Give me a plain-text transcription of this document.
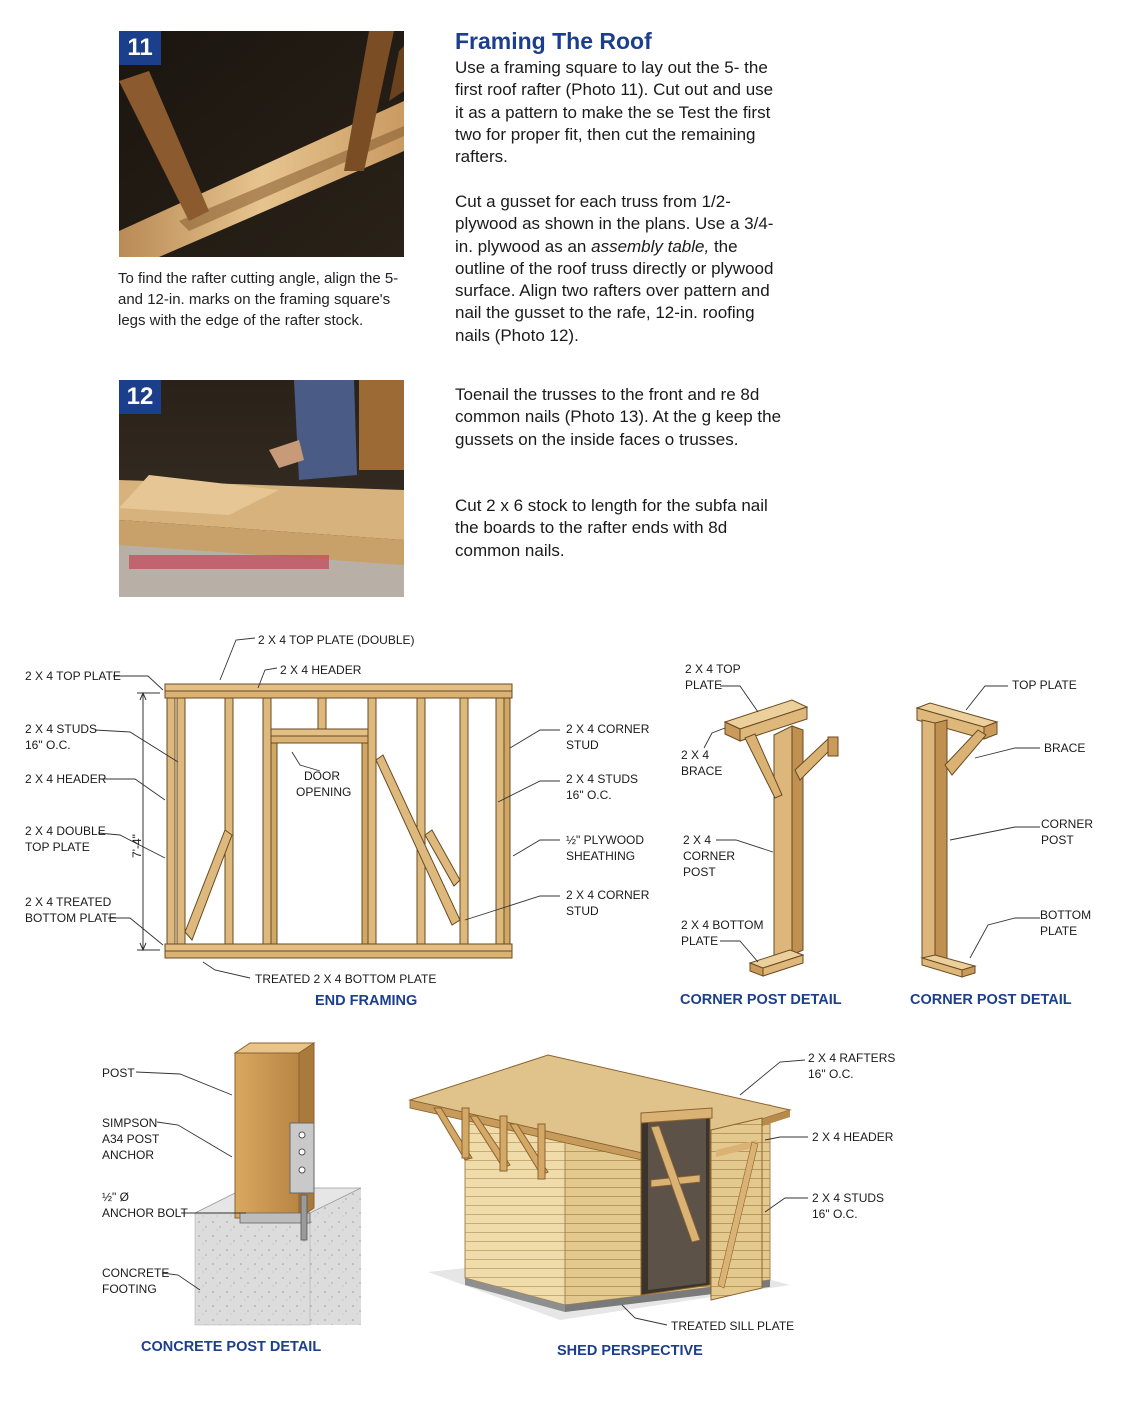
11
To find the rafter cutting angle, align the 5- and 12-in. marks on the framing square's legs with the edge of the rafter stock.
12
Framing The Roof
Use a framing square to lay out the 5- the first roof rafter (Photo 11). Cut out and use it as a pattern to make the se Test the first two for proper fit, then cut the remaining rafters.
Cut a gusset for each truss from 1/2- plywood as shown in the plans. Use a 3/4-in. plywood as an assembly table, the outline of the roof truss directly or plywood surface. Align two rafters over pattern and nail the gusset to the rafe, 12-in. roofing nails (Photo 12).
Toenail the trusses to the front and re 8d common nails (Photo 13). At the g keep the gussets on the inside faces o trusses.
Cut 2 x 6 stock to length for the subfa nail the boards to the rafter ends with 8d common nails.
2 X 4 TOP PLATE (DOUBLE)
2 X 4 HEADER
2 X 4 TOP PLATE
2 X 4 STUDS
16" O.C.
2 X 4 HEADER
2 X 4 DOUBLE
TOP PLATE
2 X 4 TREATED
BOTTOM PLATE
DOOR
OPENING
2 X 4 CORNER
STUD
2 X 4 STUDS
16" O.C.
½" PLYWOOD
SHEATHING
2 X 4 CORNER
STUD
TREATED 2 X 4 BOTTOM PLATE
7'-4"
END FRAMING
2 X 4 TOP
PLATE
2 X 4
BRACE
2 X 4
CORNER
POST
2 X 4 BOTTOM
PLATE
CORNER POST DETAIL
TOP PLATE
BRACE
CORNER
POST
BOTTOM
PLATE
CORNER POST DETAIL
POST
SIMPSON
A34 POST
ANCHOR
½" Ø
ANCHOR BOLT
CONCRETE
FOOTING
CONCRETE POST DETAIL
2 X 4 RAFTERS
16" O.C.
2 X 4 HEADER
2 X 4 STUDS
16" O.C.
TREATED SILL PLATE
SHED PERSPECTIVE
